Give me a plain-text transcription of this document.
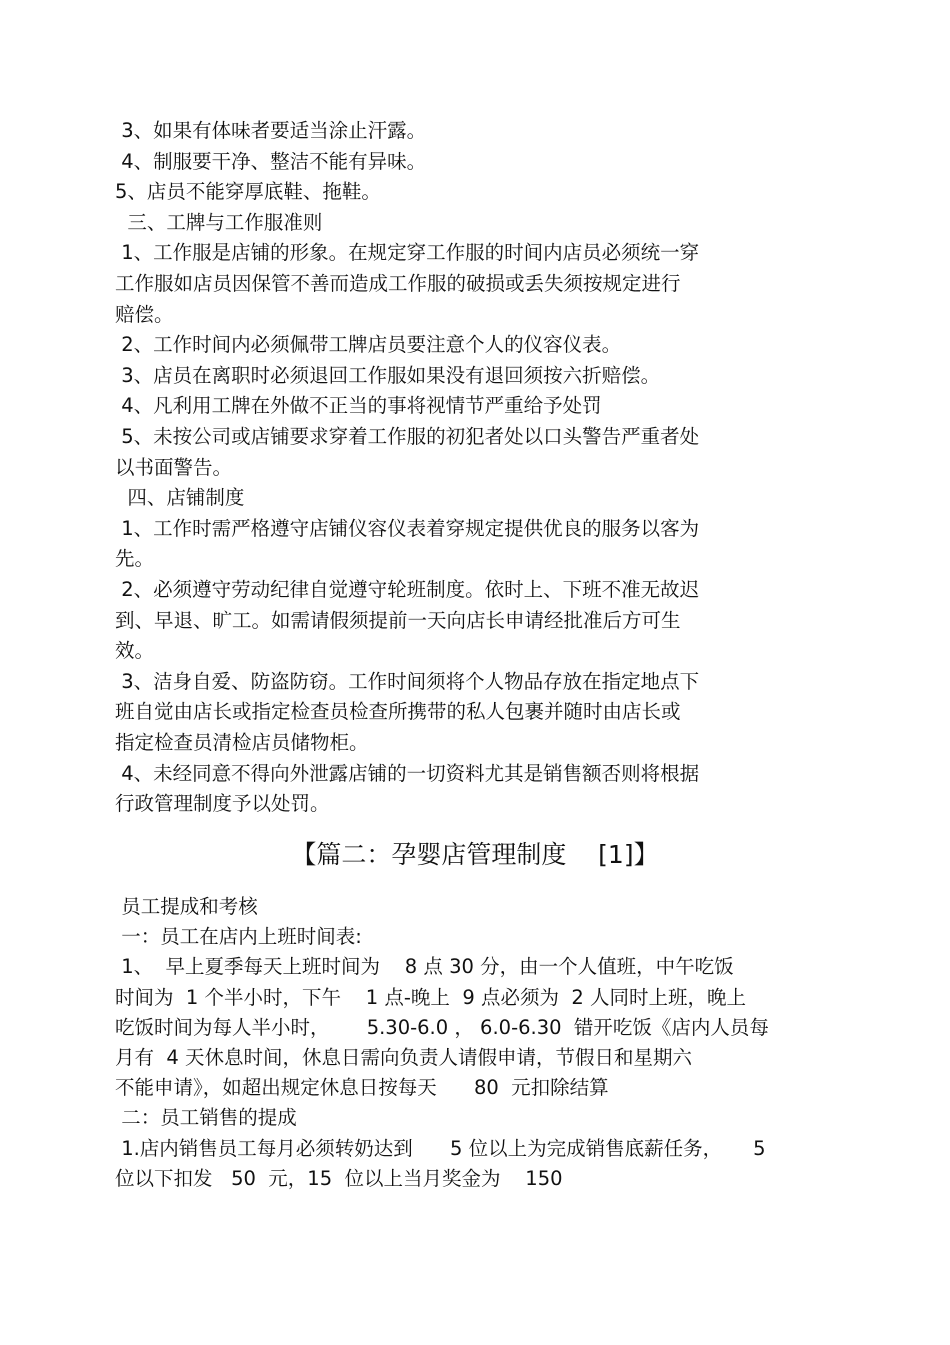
3、如果有体味者要适当涂止汗露。
4、制服要干净、整洁不能有异味。
5、店员不能穿厚底鞋、拖鞋。
三、工牌与工作服准则
1、工作服是店铺的形象。在规定穿工作服的时间内店员必须统一穿
工作服如店员因保管不善而造成工作服的破损或丢失须按规定进行
赔偿。
2、工作时间内必须佩带工牌店员要注意个人的仪容仪表。
3、店员在离职时必须退回工作服如果没有退回须按六折赔偿。
4、凡利用工牌在外做不正当的事将视情节严重给予处罚
5、未按公司或店铺要求穿着工作服的初犯者处以口头警告严重者处
以书面警告。
四、店铺制度
1、工作时需严格遵守店铺仪容仪表着穿规定提供优良的服务以客为
先。
2、必须遵守劳动纪律自觉遵守轮班制度。依时上、下班不准无故迟
到、早退、旷工。如需请假须提前一天向店长申请经批准后方可生
效。
3、洁身自爱、防盗防窃。工作时间须将个人物品存放在指定地点下
班自觉由店长或指定检查员检查所携带的私人包裹并随时由店长或
指定检查员清检店员储物柜。
4、未经同意不得向外泄露店铺的一切资料尤其是销售额否则将根据
行政管理制度予以处罚。
【篇二：孕婴店管理制度    [1]】
员工提成和考核
一：员工在店内上班时间表:
1、  早上夏季每天上班时间为    8 点 30 分，由一个人值班，中午吃饭
时间为  1 个半小时，下午    1 点-晚上  9 点必须为  2 人同时上班，晚上
吃饭时间为每人半小时，      5.30-6.0 ， 6.0-6.30  错开吃饭《店内人员每
月有  4 天休息时间，休息日需向负责人请假申请，节假日和星期六
不能申请》，如超出规定休息日按每天      80  元扣除结算
二：员工销售的提成
1.店内销售员工每月必须转奶达到      5 位以上为完成销售底薪任务，     5
位以下扣发   50  元，15  位以上当月奖金为    150
